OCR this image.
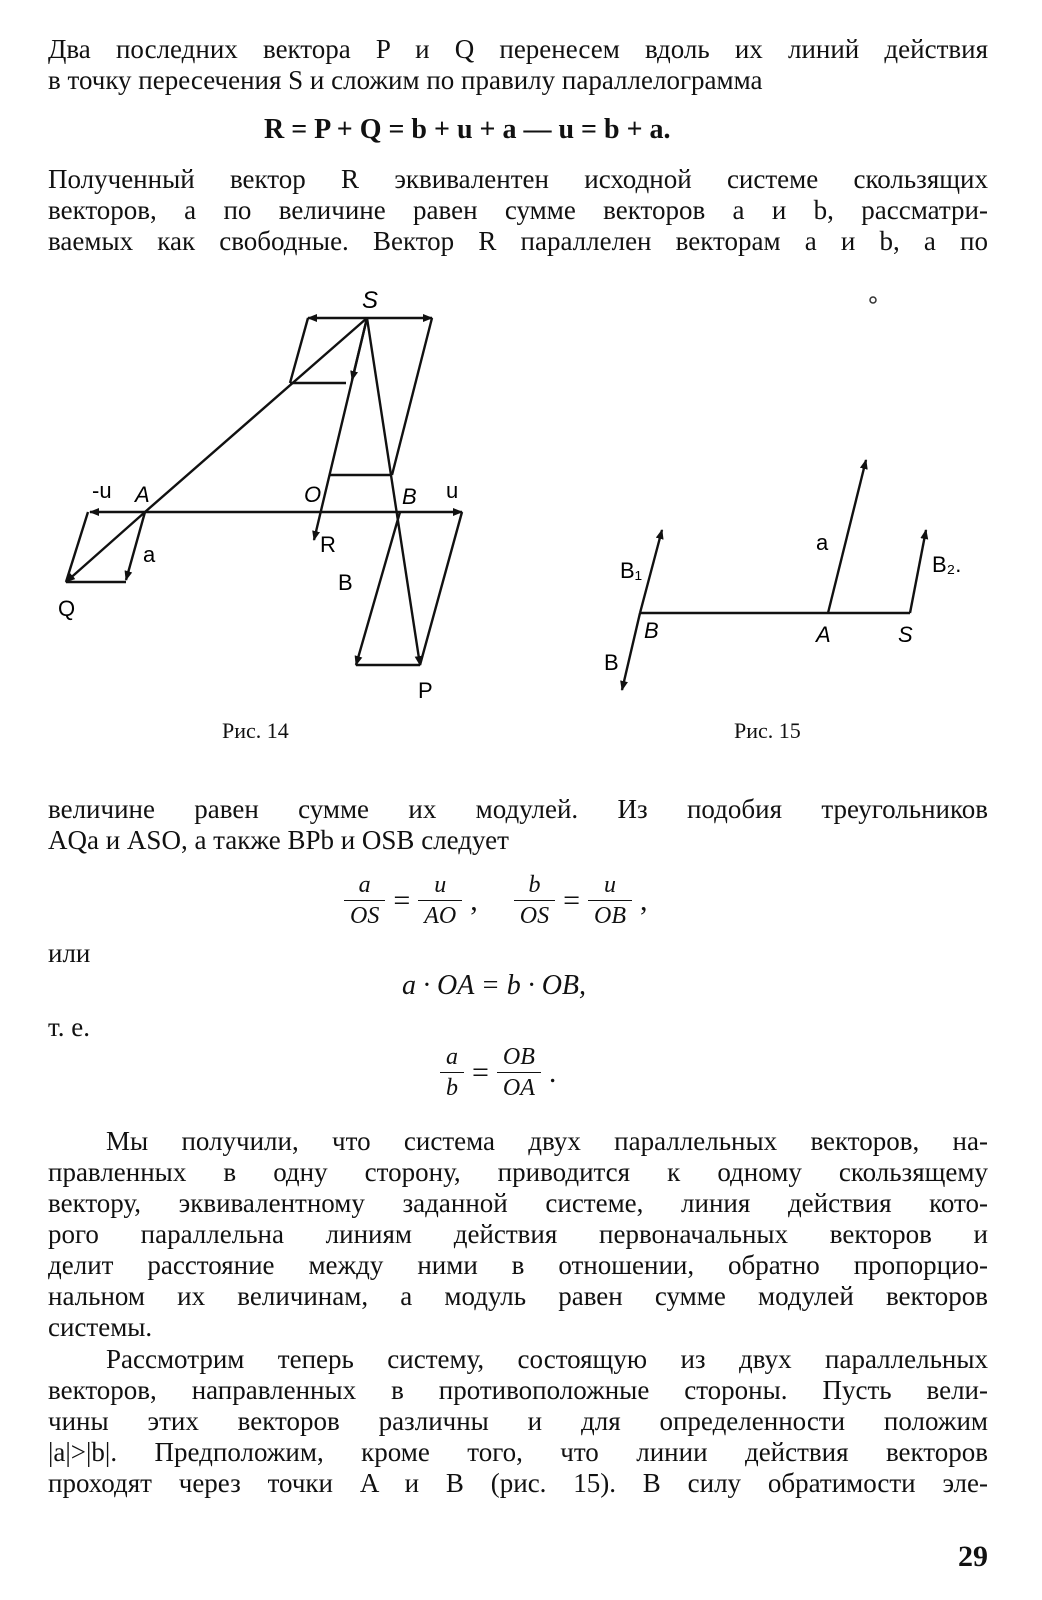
Два последних вектора P и Q перенесем вдоль их линий действия
в точку пересечения S и сложим по правилу параллелограмма
R = P + Q = b + u + a — u = b + a.
Полученный вектор R эквивалентен исходной системе скользящих
векторов, а по величине равен сумме векторов a и b, рассматри-
ваемых как свободные. Вектор R параллелен векторам a и b, а по
S
-u A	O	B u
a	R
B
Q
P
Рис. 14
a
B₁	B₂.
B	A	S
B
Рис. 15
величине равен сумме их модулей. Из подобия треугольников
AQa и ASO, а также BPb и OSB следует
$\frac{a}{OS} = \frac{u}{AO}$ , $\frac{b}{OS} = \frac{u}{OB}$ ,
или
a · OA = b · OB,
т. е.
$\frac{a}{b} = \frac{OB}{OA}$ .
Мы получили, что система двух параллельных векторов, на-
правленных в одну сторону, приводится к одному скользящему
вектору, эквивалентному заданной системе, линия действия кото-
рого параллельна линиям действия первоначальных векторов и
делит расстояние между ними в отношении, обратно пропорцио-
нальном их величинам, а модуль равен сумме модулей векторов
системы.
Рассмотрим теперь систему, состоящую из двух параллельных
векторов, направленных в противоположные стороны. Пусть вели-
чины этих векторов различны и для определенности положим
|a|>|b|. Предположим, кроме того, что линии действия векторов
проходят через точки A и B (рис. 15). В силу обратимости эле-
29
